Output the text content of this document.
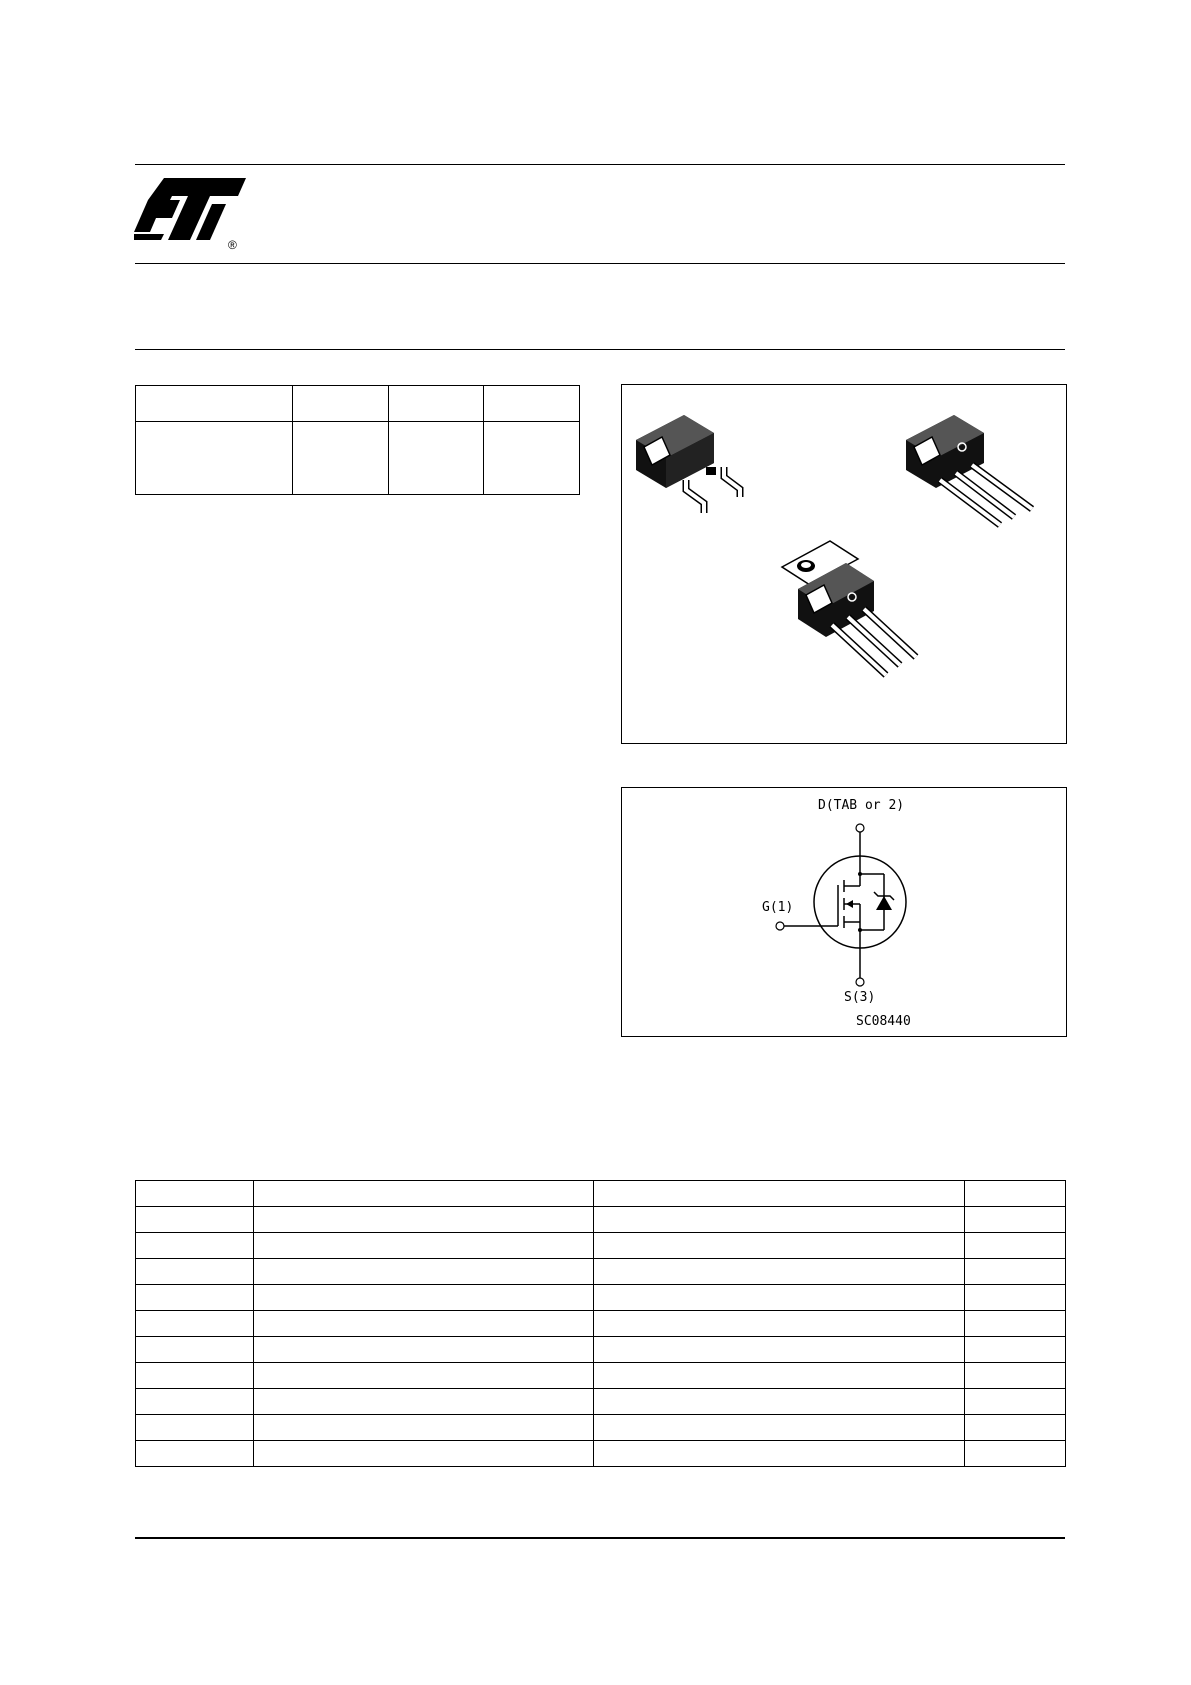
®

D(TAB or 2)
G(1)
S(3)
SC08440
